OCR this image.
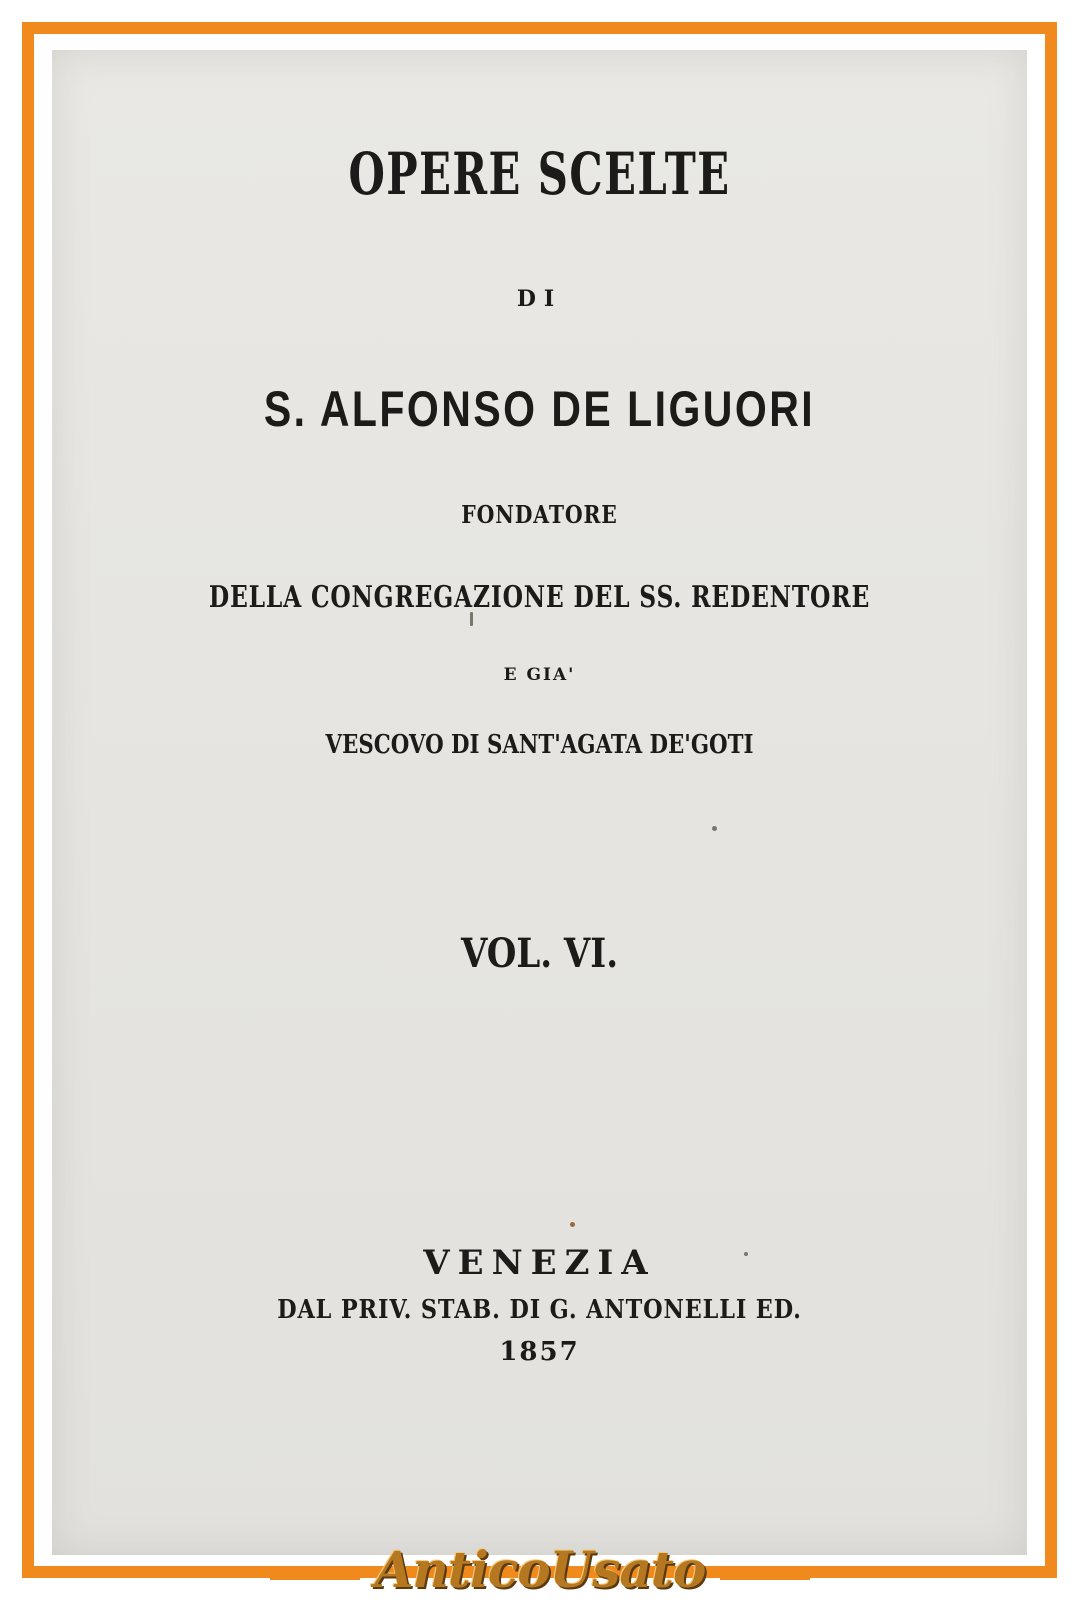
OPERE SCELTE
DI
S. ALFONSO DE LIGUORI
FONDATORE
DELLA CONGREGAZIONE DEL SS. REDENTORE
E GIA'
VESCOVO DI SANT'AGATA DE'GOTI
VOL. VI.
VENEZIA
DAL PRIV. STAB. DI G. ANTONELLI ED.
1857
AnticoUsato
